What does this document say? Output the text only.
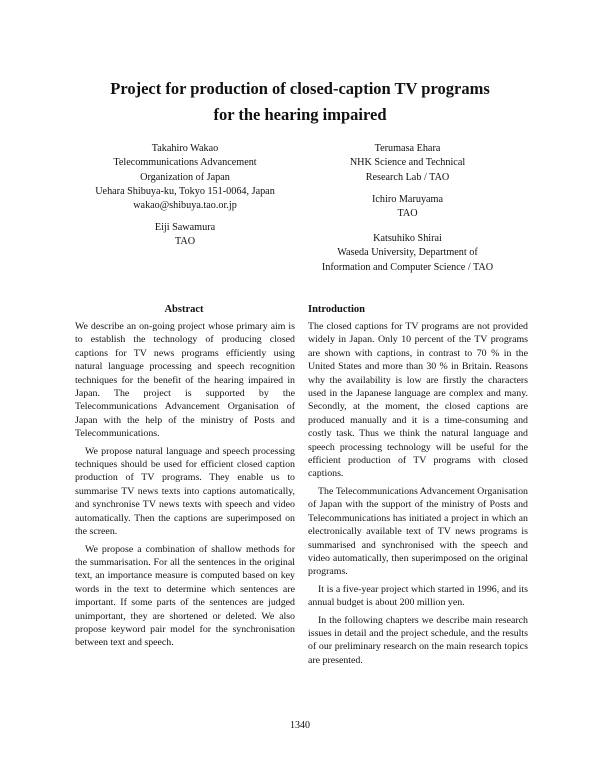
Project for production of closed-caption TV programs
for the hearing impaired
Takahiro Wakao
Telecommunications Advancement
Organization of Japan
Uehara Shibuya-ku, Tokyo 151-0064, Japan
wakao@shibuya.tao.or.jp
Eiji Sawamura
TAO
Terumasa Ehara
NHK Science and Technical
Research Lab / TAO
Ichiro Maruyama
TAO
Katsuhiko Shirai
Waseda University, Department of
Information and Computer Science / TAO
Abstract

We describe an on-going project whose primary aim is to establish the technology of producing closed captions for TV news programs efficiently using natural language processing and speech recognition techniques for the benefit of the hearing impaired in Japan. The project is supported by the Telecommunications Advancement Organisation of Japan with the help of the ministry of Posts and Telecommunications.

We propose natural language and speech processing techniques should be used for efficient closed caption production of TV programs. They enable us to summarise TV news texts into captions automatically, and synchronise TV news texts with speech and video automatically. Then the captions are superimposed on the screen.

We propose a combination of shallow methods for the summarisation. For all the sentences in the original text, an importance measure is computed based on key words in the text to determine which sentences are important. If some parts of the sentences are judged unimportant, they are shortened or deleted. We also propose keyword pair model for the synchronisation between text and speech.

Introduction

The closed captions for TV programs are not provided widely in Japan. Only 10 percent of the TV programs are shown with captions, in contrast to 70 % in the United States and more than 30 % in Britain. Reasons why the availability is low are firstly the characters used in the Japanese language are complex and many. Secondly, at the moment, the closed captions are produced manually and it is a time-consuming and costly task. Thus we think the natural language and speech processing technology will be useful for the efficient production of TV programs with closed captions.

The Telecommunications Advancement Organisation of Japan with the support of the ministry of Posts and Telecommunications has initiated a project in which an electronically available text of TV news programs is summarised and synchronised with the speech and video automatically, then superimposed on the original programs.

It is a five-year project which started in 1996, and its annual budget is about 200 million yen.

In the following chapters we describe main research issues in detail and the project schedule, and the results of our preliminary research on the main research topics are presented.

1340
